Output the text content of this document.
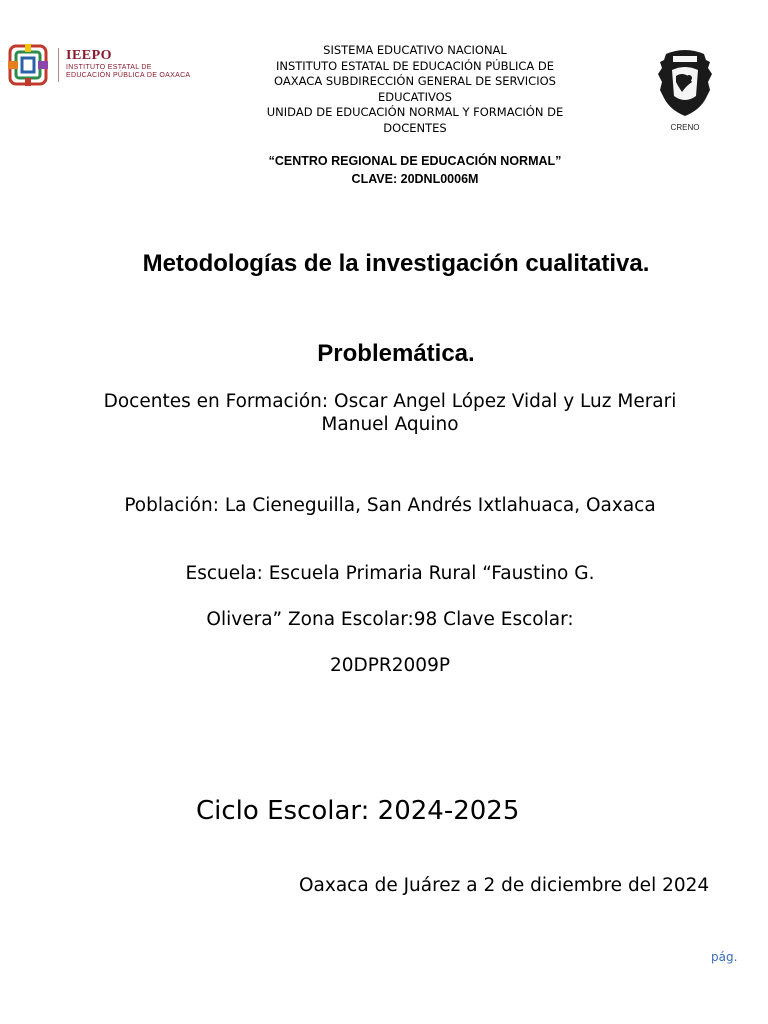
IEEPO
INSTITUTO ESTATAL DE
EDUCACIÓN PÚBLICA DE OAXACA
CRENO
SISTEMA EDUCATIVO NACIONAL
INSTITUTO ESTATAL DE EDUCACIÓN PÚBLICA DE
OAXACA SUBDIRECCIÓN GENERAL DE SERVICIOS
EDUCATIVOS
UNIDAD DE EDUCACIÓN NORMAL Y FORMACIÓN DE
DOCENTES
“CENTRO REGIONAL DE EDUCACIÓN NORMAL”
CLAVE: 20DNL0006M
Metodologías de la investigación cualitativa.
Problemática.
Docentes en Formación: Oscar Angel López Vidal y Luz Merari Manuel Aquino
Población: La Cieneguilla, San Andrés Ixtlahuaca, Oaxaca
Escuela: Escuela Primaria Rural “Faustino G.
Olivera” Zona Escolar:98 Clave Escolar:
20DPR2009P
Ciclo Escolar: 2024-2025
Oaxaca de Juárez a 2 de diciembre del 2024
pág.
